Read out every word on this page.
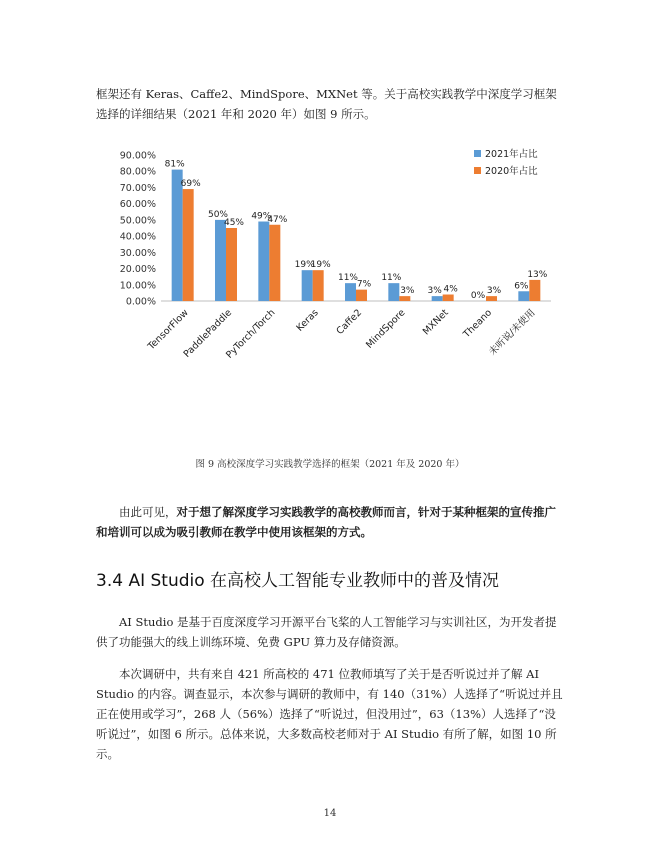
框架还有 Keras、Caffe2、MindSpore、MXNet 等。关于高校实践教学中深度学习框架选择的详细结果（2021 年和 2020 年）如图 9 所示。

0.00%
10.00%
20.00%
30.00%
40.00%
50.00%
60.00%
70.00%
80.00%
90.00%
81%
50%	49%
19%
11%	11%
3%	0%
6%
69%
45%	47%
19%
7%
3%	4%	3%
13%
TensorFlow
PaddlePaddle
PyTorch/Torch Keras Caffe2 MindSpore MXNet Theano
未听说/未使用
2021年占比
2020年占比
图 9 高校深度学习实践教学选择的框架（2021 年及 2020 年）

由此可见，对于想了解深度学习实践教学的高校教师而言，针对于某种框架的宣传推广和培训可以成为吸引教师在教学中使用该框架的方式。

3.4 AI Studio 在高校人工智能专业教师中的普及情况

AI Studio 是基于百度深度学习开源平台飞桨的人工智能学习与实训社区，为开发者提供了功能强大的线上训练环境、免费 GPU 算力及存储资源。

本次调研中，共有来自 421 所高校的 471 位教师填写了关于是否听说过并了解 AI Studio 的内容。调查显示，本次参与调研的教师中，有 140（31%）人选择了“听说过并且正在使用或学习”，268 人（56%）选择了“听说过，但没用过”，63（13%）人选择了“没听说过”，如图 6 所示。总体来说，大多数高校老师对于 AI Studio 有所了解，如图 10 所示。

14
